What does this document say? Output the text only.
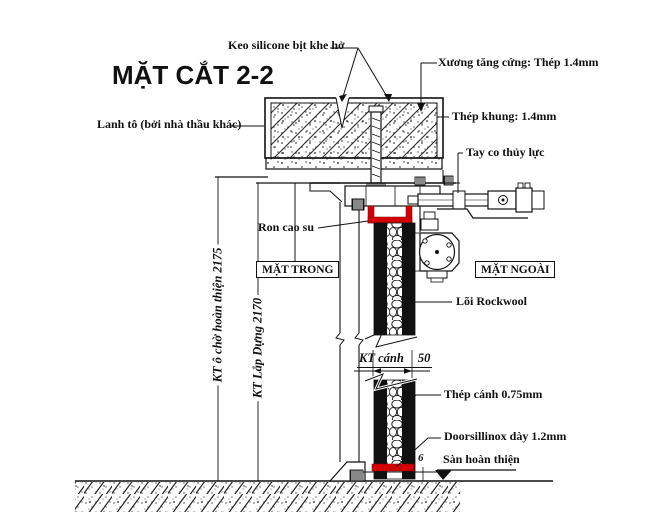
MẶT CẮT 2-2
Keo silicone bịt khe hở
Xương tăng cứng: Thép 1.4mm
Lanh tô (bởi nhà thầu khác)
Thép khung: 1.4mm
Tay co thủy lực
Ron cao su
Lõi Rockwool
Thép cánh 0.75mm
Doorsillinox dày 1.2mm
Sàn hoàn thiện
6
MẶT TRONG	MẶT NGOÀI
KT ô chờ hoàn thiện 2175 KT Lắp Dựng 2170	KT cánh 50
